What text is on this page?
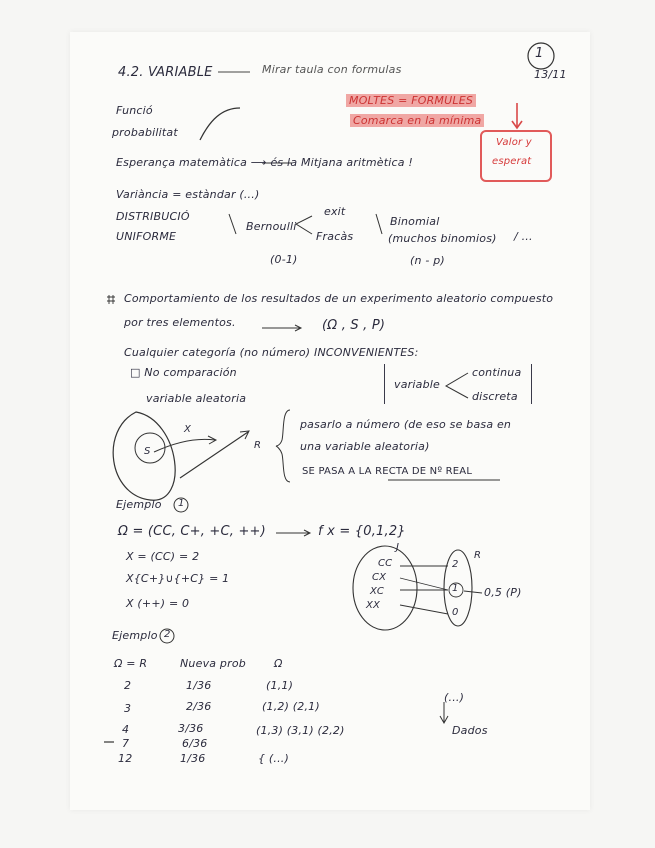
1
13/11
4.2. VARIABLE	Mirar taula con formulas
Funció
probabilitat
MOLTES = FORMULES
Comarca en la mínima
Valor y
esperat
Esperança matemàtica ⟶ és la Mitjana aritmètica !
Variància = estàndar (...)
DISTRIBUCIÓ
UNIFORME
Bernoulli
exit
Fracàs
Binomial
(muchos binomios) / ...
(0-1)	(n - p)
Comportamiento de los resultados de un experimento aleatorio compuesto
por tres elementos.	(Ω , S , P)
Cualquier categoría (no número) INCONVENIENTES:
□ No comparación
variable
continua
discreta
variable aleatoria
X
R
S
pasarlo a número (de eso se basa en
una variable aleatoria)
SE PASA A LA RECTA DE Nº REAL
Ejemplo 1
Ω = (CC, C+, +C, ++)	f x = {0,1,2}
X = (CC) = 2
X{C+}∪{+C} = 1
X (++) = 0
J
R
CC
CX
XC
XX
2
1
0
0,5 (P)
Ejemplo 2
Ω = R	Nueva prob	Ω
2	1/36	(1,1)
3	2/36	(1,2) (2,1)
4	3/36	(1,3) (3,1) (2,2)
7	6/36
12	1/36	{ (...)
(...)
Dados
